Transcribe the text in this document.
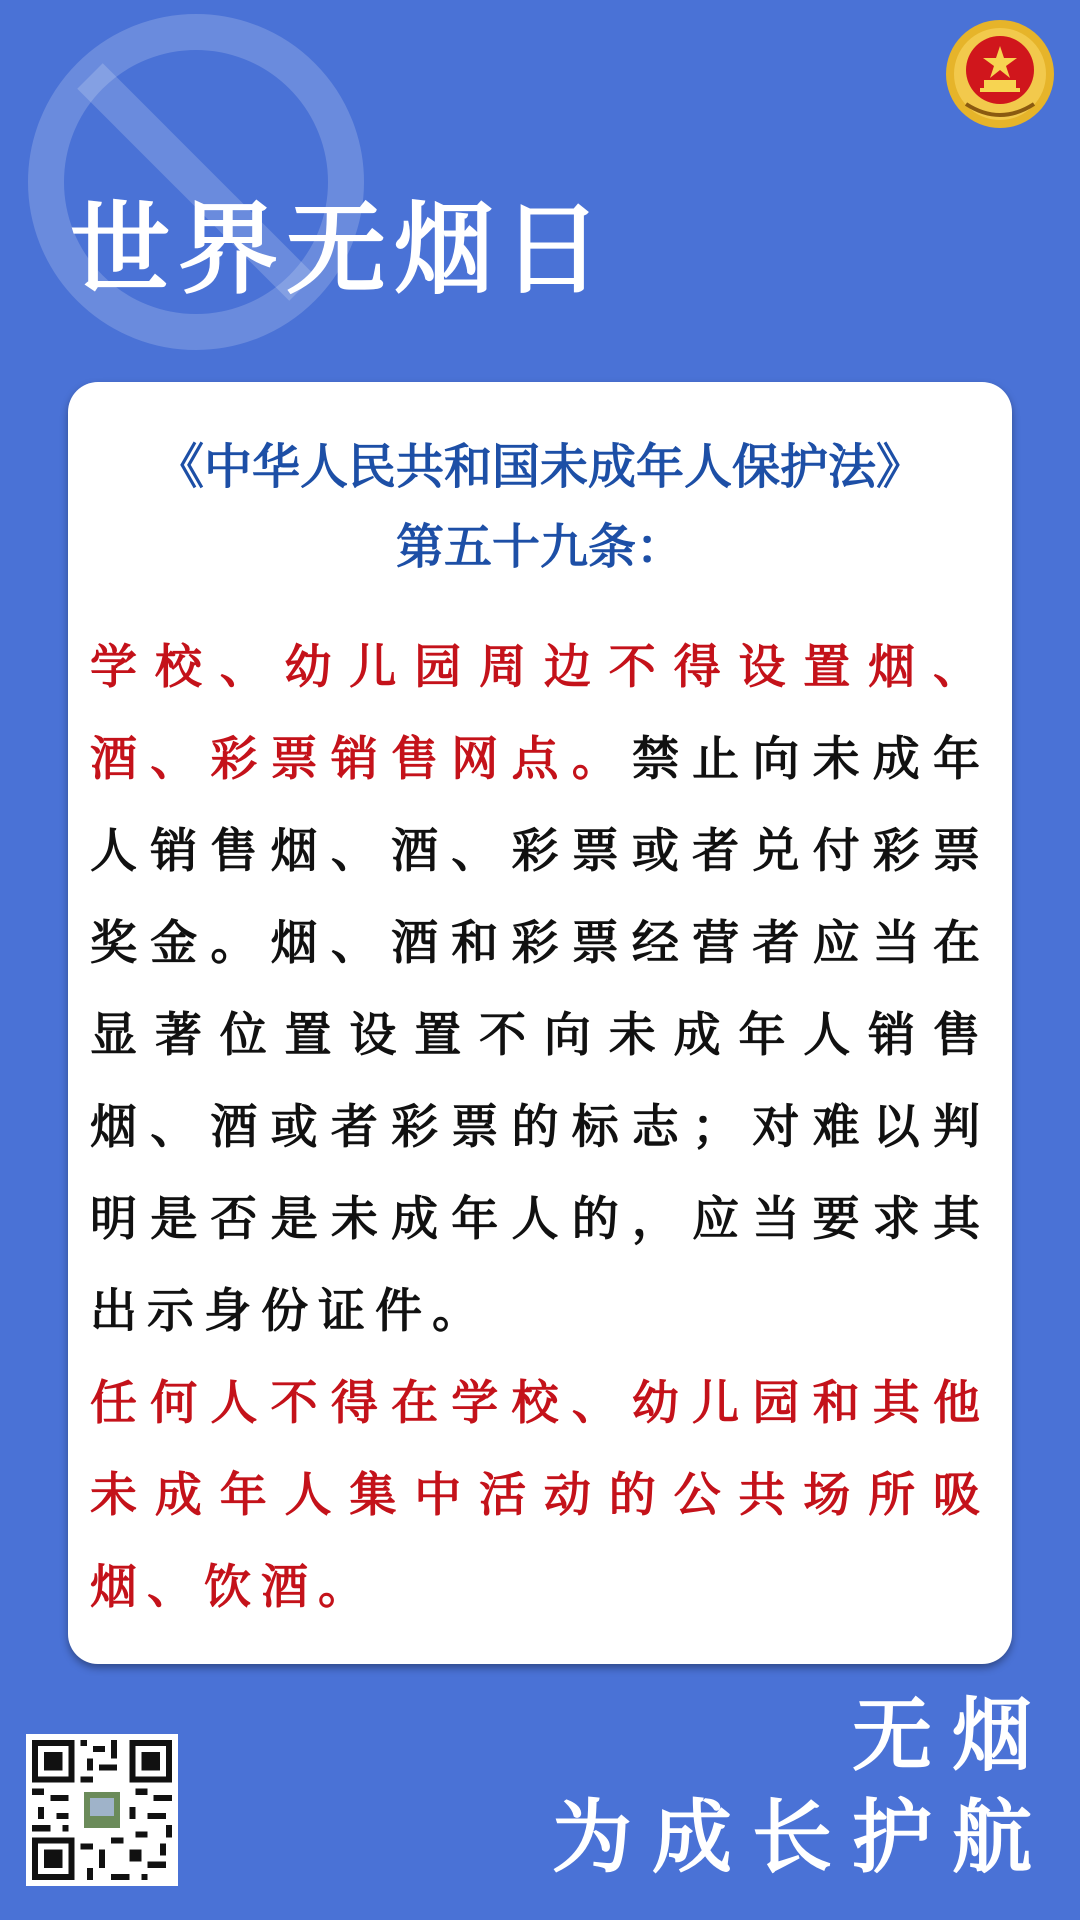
世界无烟日
《中华人民共和国未成年人保护法》
第五十九条：
学校、幼儿园周边不得设置烟、酒、彩票销售网点。禁止向未成年人销售烟、酒、彩票或者兑付彩票奖金。烟、酒和彩票经营者应当在显著位置设置不向未成年人销售烟、酒或者彩票的标志；对难以判明是否是未成年人的，应当要求其出示身份证件。
任何人不得在学校、幼儿园和其他未成年人集中活动的公共场所吸烟、饮酒。
无烟
为成长护航
